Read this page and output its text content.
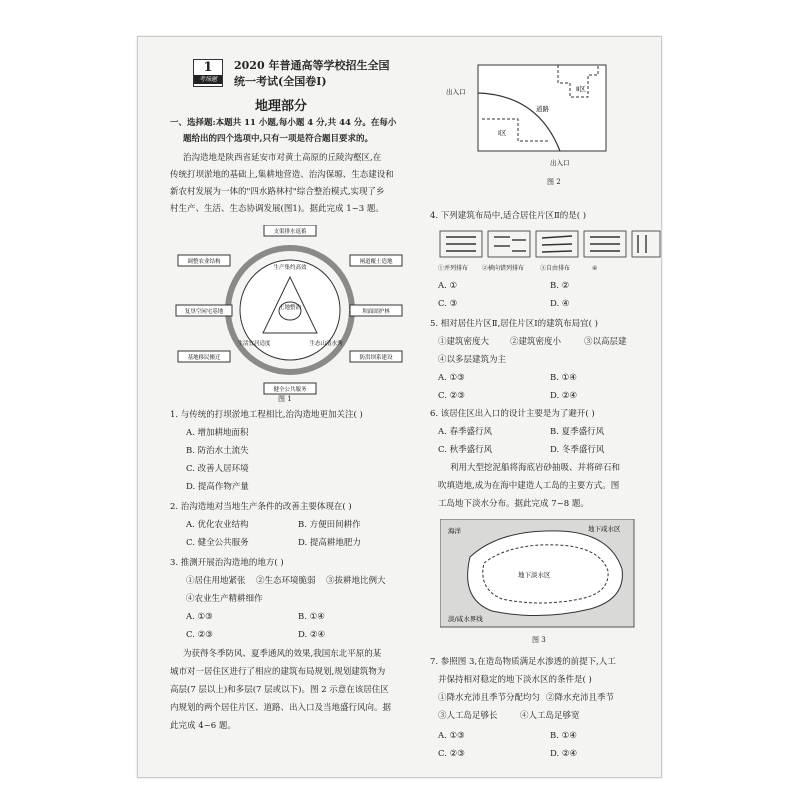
1
考场题
2020 年普通高等学校招生全国
统一考试(全国卷Ⅰ)
地理部分
一、选择题:本题共 11 小题,每小题 4 分,共 44 分。在每小
题给出的四个选项中,只有一项是符合题目要求的。
治沟造地是陕西省延安市对黄土高原的丘陵沟壑区,在
传统打坝淤地的基础上,集耕地营造、治沟保塬、生态建设和
新农村发展为一体的"四水路林村"综合整治模式,实现了乡
村生产、生活、生态协调发展(图1)。据此完成 1~3 题。
土地整治
生产集约高效
生活宜居适度	生态山清水秀
支渠排水退蓄
闸道覆土造地
坝面固护林
防洪坝系建设
健全公共服务
基地移民搬迁
复垦空闲宅基地
调整农业结构
图 1
1. 与传统的打坝淤地工程相比,治沟造地更加关注( )
A. 增加耕地面积
B. 防治水土流失
C. 改善人居环境
D. 提高作物产量
2. 治沟造地对当地生产条件的改善主要体现在( )
A. 优化农业结构	B. 方便田间耕作
C. 健全公共服务	D. 提高耕地肥力
3. 推测开展治沟造地的地方( )
①居住用地紧张 ②生态环境脆弱 ③拔耕地比例大
④农业生产精耕细作
A. ①③	B. ①④
C. ②③	D. ②④
为获得冬季防风、夏季通风的效果,我国东北平原的某
城市对一居住区进行了相应的建筑布局规划,规划建筑物为
高层(7 层以上)和多层(7 层或以下)。图 2 示意在该居住区
内规划的两个居住片区、道路、出入口及当地盛行风向。据
此完成 4~6 题。
Ⅱ区
出入口
道路
Ⅰ区
出入口
图 2
4. 下列建筑布局中,适合居住片区Ⅱ的是( )
①并列排布 ②横向错列排布	③自由排布	④
A. ①	B. ②
C. ③	D. ④
5. 相对居住片区Ⅱ,居住片区Ⅰ的建筑布局宜( )
①建筑密度大 ②建筑密度小	③以高层建
④以多层建筑为主
A. ①③	B. ①④
C. ②③	D. ②④
6. 该居住区出入口的设计主要是为了避开( )
A. 春季盛行风	B. 夏季盛行风
C. 秋季盛行风	D. 冬季盛行风
利用大型挖泥船将海底岩砂抽吸、并将碎石和
吹填造地,成为在海中建造人工岛的主要方式。图
工岛地下淡水分布。据此完成 7~8 题。
海洋	地下咸水区
地下淡水区
淡/咸水界线
图 3
7. 参照图 3,在造岛物质满足水渗透的前提下,人工
并保持相对稳定的地下淡水区的条件是( )
①降水充沛且季节分配均匀 ②降水充沛且季节
③人工岛足够长	④人工岛足够宽
A. ①③	B. ①④
C. ②③	D. ②④
